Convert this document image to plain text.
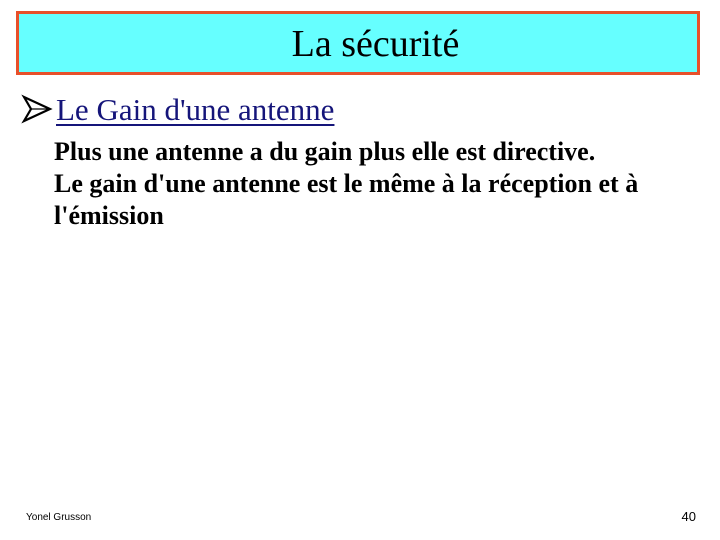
La sécurité
Le Gain d'une antenne

Plus une antenne a du gain plus elle est directive.

Le gain d'une antenne est le même à la réception et à l'émission

Yonel Grusson	40
